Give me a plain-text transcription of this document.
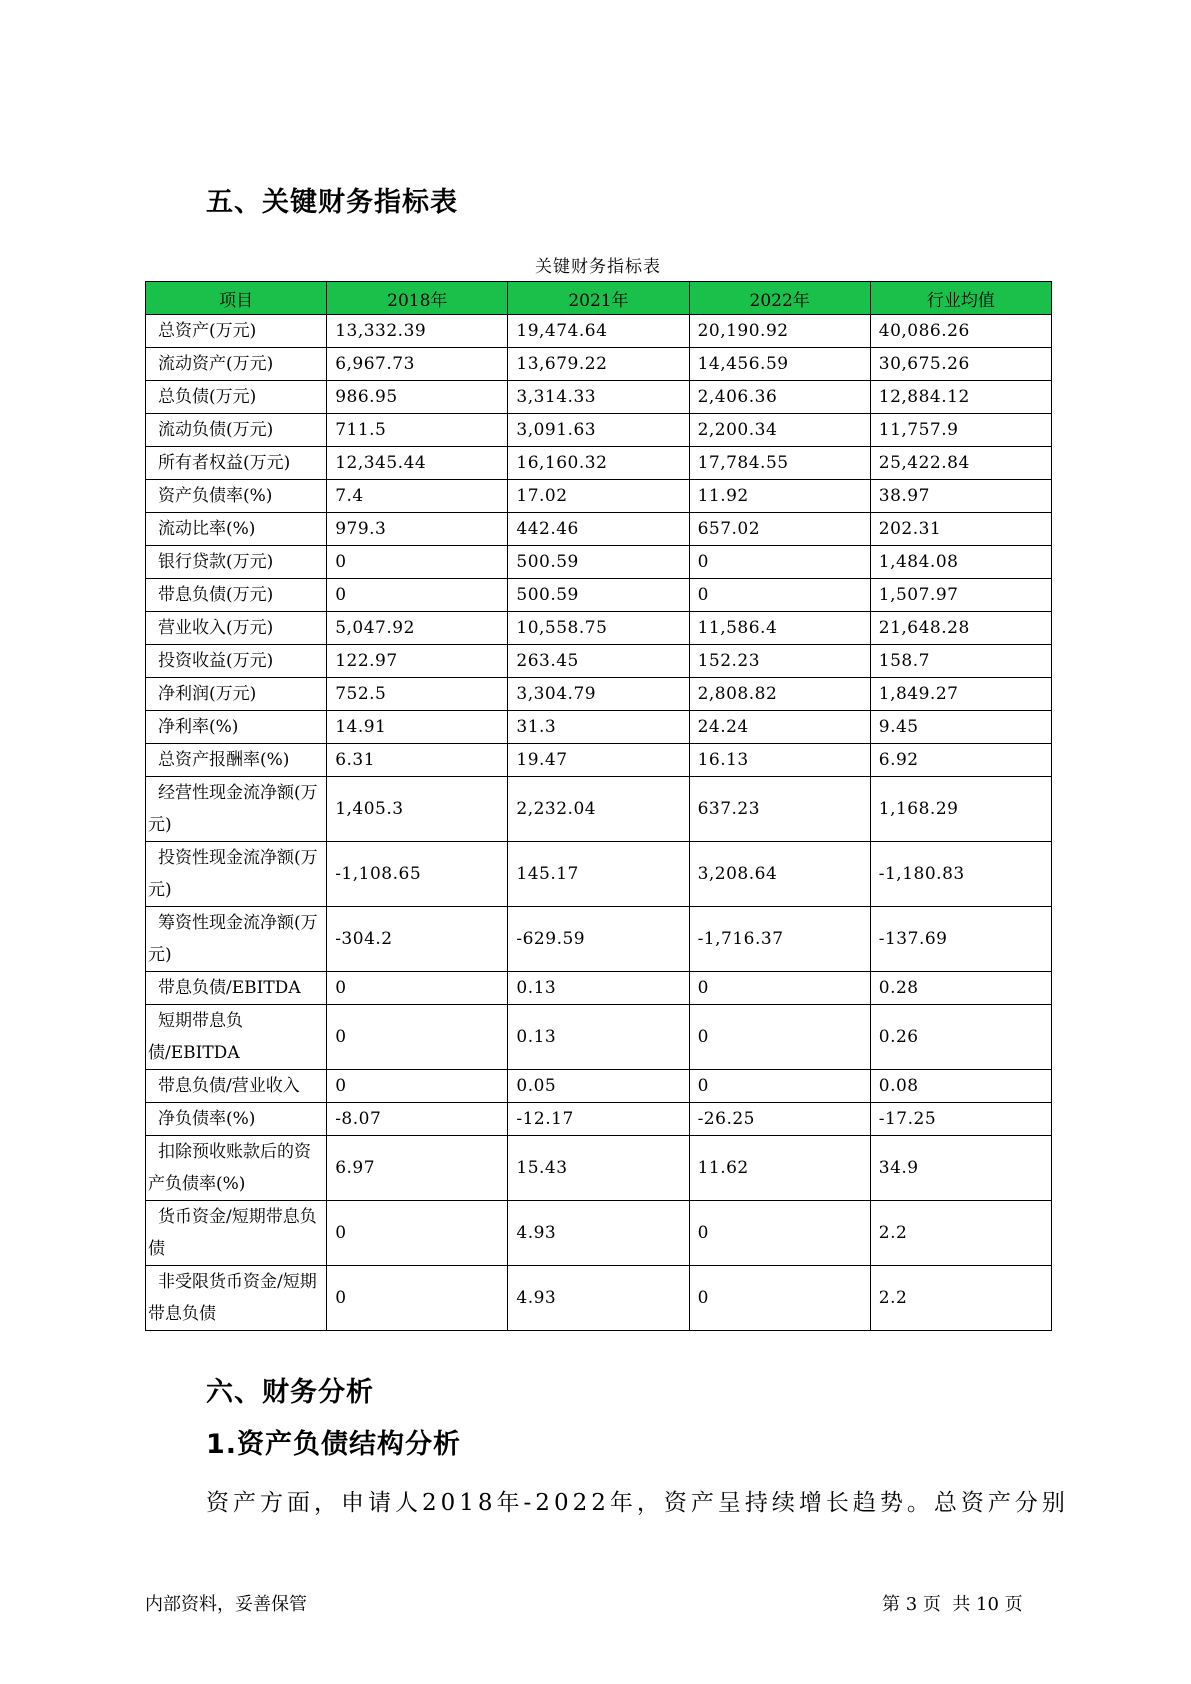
五、关键财务指标表
关键财务指标表
项目	2018年	2021年	2022年	行业均值
总资产(万元)	13,332.39	19,474.64	20,190.92	40,086.26
流动资产(万元)	6,967.73	13,679.22	14,456.59	30,675.26
总负债(万元)	986.95	3,314.33	2,406.36	12,884.12
流动负债(万元)	711.5	3,091.63	2,200.34	11,757.9
所有者权益(万元)	12,345.44	16,160.32	17,784.55	25,422.84
资产负债率(%)	7.4	17.02	11.92	38.97
流动比率(%)	979.3	442.46	657.02	202.31
银行贷款(万元)	0	500.59	0	1,484.08
带息负债(万元)	0	500.59	0	1,507.97
营业收入(万元)	5,047.92	10,558.75	11,586.4	21,648.28
投资收益(万元)	122.97	263.45	152.23	158.7
净利润(万元)	752.5	3,304.79	2,808.82	1,849.27
净利率(%)	14.91	31.3	24.24	9.45
总资产报酬率(%)	6.31	19.47	16.13	6.92
经营性现金流净额(万元)	1,405.3	2,232.04	637.23	1,168.29
投资性现金流净额(万元)	-1,108.65	145.17	3,208.64	-1,180.83
筹资性现金流净额(万元)	-304.2	-629.59	-1,716.37	-137.69
带息负债/EBITDA	0	0.13	0	0.28
短期带息负债/EBITDA	0	0.13	0	0.26
带息负债/营业收入	0	0.05	0	0.08
净负债率(%)	-8.07	-12.17	-26.25	-17.25
扣除预收账款后的资产负债率(%)	6.97	15.43	11.62	34.9
货币资金/短期带息负债	0	4.93	0	2.2
非受限货币资金/短期带息负债	0	4.93	0	2.2
六、财务分析
1.资产负债结构分析

资产方面，申请人2018年-2022年，资产呈持续增长趋势。总资产分别

内部资料，妥善保管	第 3 页  共 10 页
